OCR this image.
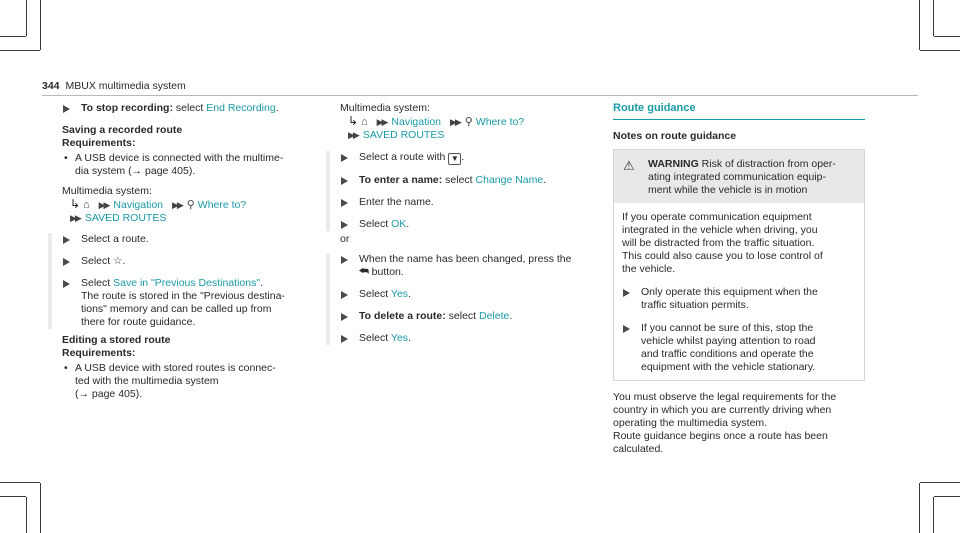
344 MBUX multimedia system
To stop recording: select End Recording.
Saving a recorded route
Requirements:
• A USB device is connected with the multime-
dia system (→ page 405).
Multimedia system:
↳ ⌂ ▶▶ Navigation ▶▶ ⚲ Where to?
▶▶ SAVED ROUTES
Select a route.
Select ☆.
Select Save in "Previous Destinations".
The route is stored in the "Previous destina-
tions" memory and can be called up from
there for route guidance.
Editing a stored route
Requirements:
• A USB device with stored routes is connec-
ted with the multimedia system
(→ page 405).
Multimedia system:
↳ ⌂ ▶▶ Navigation ▶▶ ⚲ Where to?
▶▶ SAVED ROUTES
Select a route with ▼ .
To enter a name: select Change Name.
Enter the name.
Select OK.
or
When the name has been changed, press the
⮪ button.
Select Yes.
To delete a route: select Delete.
Select Yes.
Route guidance
Notes on route guidance
⚠ WARNING Risk of distraction from oper-
ating integrated communication equip-
ment while the vehicle is in motion
If you operate communication equipment
integrated in the vehicle when driving, you
will be distracted from the traffic situation.
This could also cause you to lose control of
the vehicle.
Only operate this equipment when the
traffic situation permits.
If you cannot be sure of this, stop the
vehicle whilst paying attention to road
and traffic conditions and operate the
equipment with the vehicle stationary.
You must observe the legal requirements for the
country in which you are currently driving when
operating the multimedia system.
Route guidance begins once a route has been
calculated.
